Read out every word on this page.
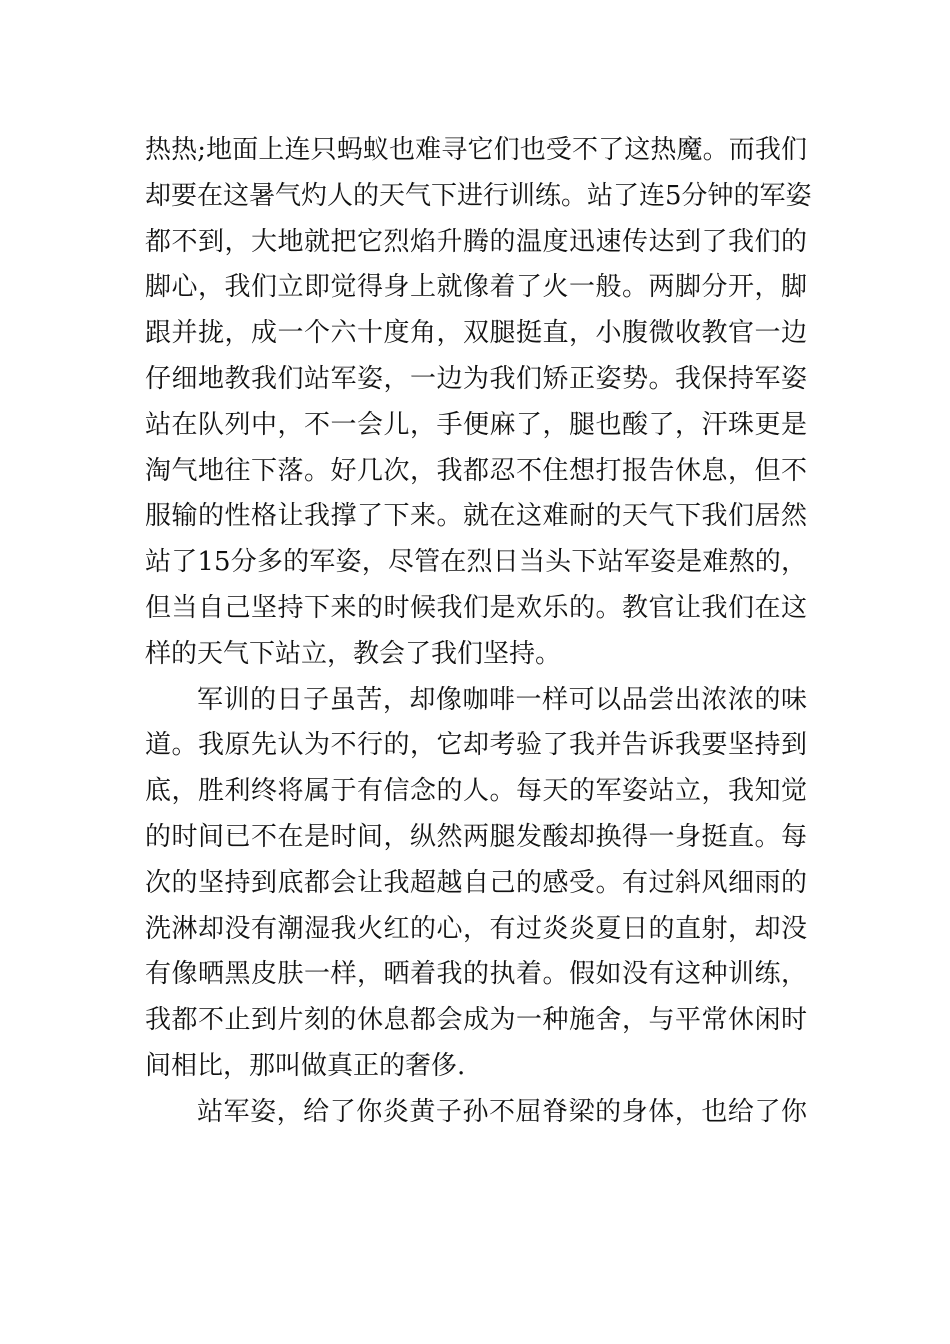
热热;地面上连只蚂蚁也难寻它们也受不了这热魔。而我们
却要在这暑气灼人的天气下进行训练。站了连5分钟的军姿
都不到，大地就把它烈焰升腾的温度迅速传达到了我们的
脚心，我们立即觉得身上就像着了火一般。两脚分开，脚
跟并拢，成一个六十度角，双腿挺直，小腹微收教官一边
仔细地教我们站军姿，一边为我们矫正姿势。我保持军姿
站在队列中，不一会儿，手便麻了，腿也酸了，汗珠更是
淘气地往下落。好几次，我都忍不住想打报告休息，但不
服输的性格让我撑了下来。就在这难耐的天气下我们居然
站了15分多的军姿，尽管在烈日当头下站军姿是难熬的，
但当自己坚持下来的时候我们是欢乐的。教官让我们在这
样的天气下站立，教会了我们坚持。
军训的日子虽苦，却像咖啡一样可以品尝出浓浓的味
道。我原先认为不行的，它却考验了我并告诉我要坚持到
底，胜利终将属于有信念的人。每天的军姿站立，我知觉
的时间已不在是时间，纵然两腿发酸却换得一身挺直。每
次的坚持到底都会让我超越自己的感受。有过斜风细雨的
洗淋却没有潮湿我火红的心，有过炎炎夏日的直射，却没
有像晒黑皮肤一样，晒着我的执着。假如没有这种训练，
我都不止到片刻的休息都会成为一种施舍，与平常休闲时
间相比，那叫做真正的奢侈.
站军姿，给了你炎黄子孙不屈脊梁的身体，也给了你
